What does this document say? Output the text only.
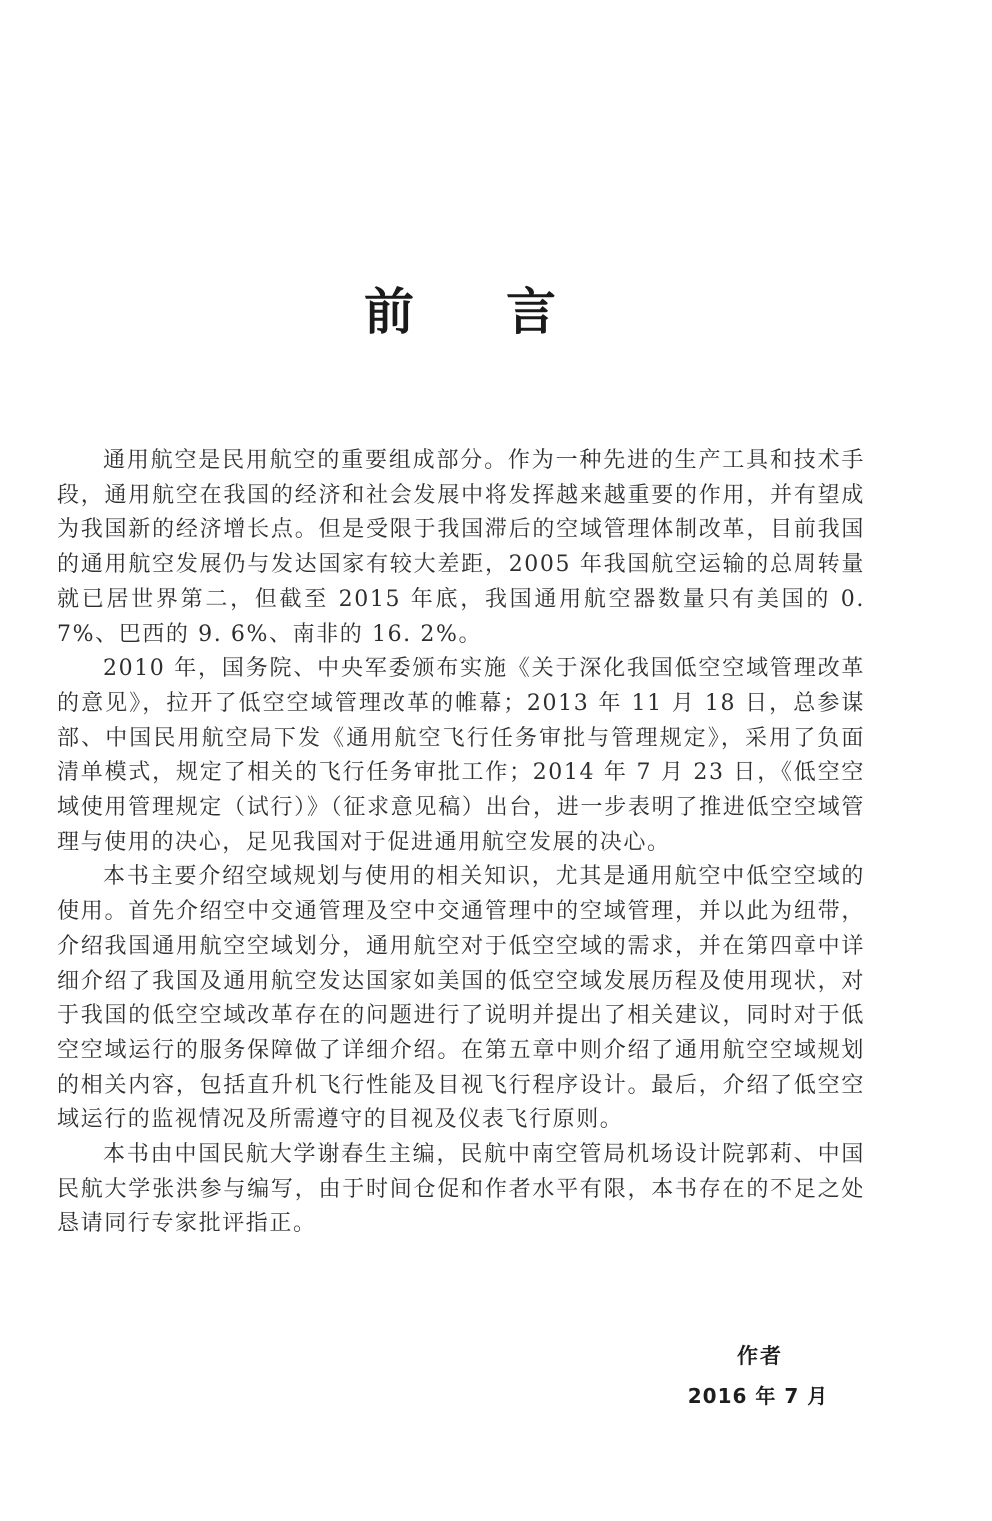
前言

通用航空是民用航空的重要组成部分。作为一种先进的生产工具和技术手段，通用航空在我国的经济和社会发展中将发挥越来越重要的作用，并有望成为我国新的经济增长点。但是受限于我国滞后的空域管理体制改革，目前我国的通用航空发展仍与发达国家有较大差距，2005 年我国航空运输的总周转量就已居世界第二，但截至 2015 年底，我国通用航空器数量只有美国的 0. 7%、巴西的 9. 6%、南非的 16. 2%。

2010 年，国务院、中央军委颁布实施《关于深化我国低空空域管理改革的意见》，拉开了低空空域管理改革的帷幕；2013 年 11 月 18 日，总参谋部、中国民用航空局下发《通用航空飞行任务审批与管理规定》，采用了负面清单模式，规定了相关的飞行任务审批工作；2014 年 7 月 23 日，《低空空域使用管理规定（试行）》（征求意见稿）出台，进一步表明了推进低空空域管理与使用的决心，足见我国对于促进通用航空发展的决心。

本书主要介绍空域规划与使用的相关知识，尤其是通用航空中低空空域的使用。首先介绍空中交通管理及空中交通管理中的空域管理，并以此为纽带，介绍我国通用航空空域划分，通用航空对于低空空域的需求，并在第四章中详细介绍了我国及通用航空发达国家如美国的低空空域发展历程及使用现状，对于我国的低空空域改革存在的问题进行了说明并提出了相关建议，同时对于低空空域运行的服务保障做了详细介绍。在第五章中则介绍了通用航空空域规划的相关内容，包括直升机飞行性能及目视飞行程序设计。最后，介绍了低空空域运行的监视情况及所需遵守的目视及仪表飞行原则。

本书由中国民航大学谢春生主编，民航中南空管局机场设计院郭莉、中国民航大学张洪参与编写，由于时间仓促和作者水平有限，本书存在的不足之处恳请同行专家批评指正。

作者
2016 年 7 月
